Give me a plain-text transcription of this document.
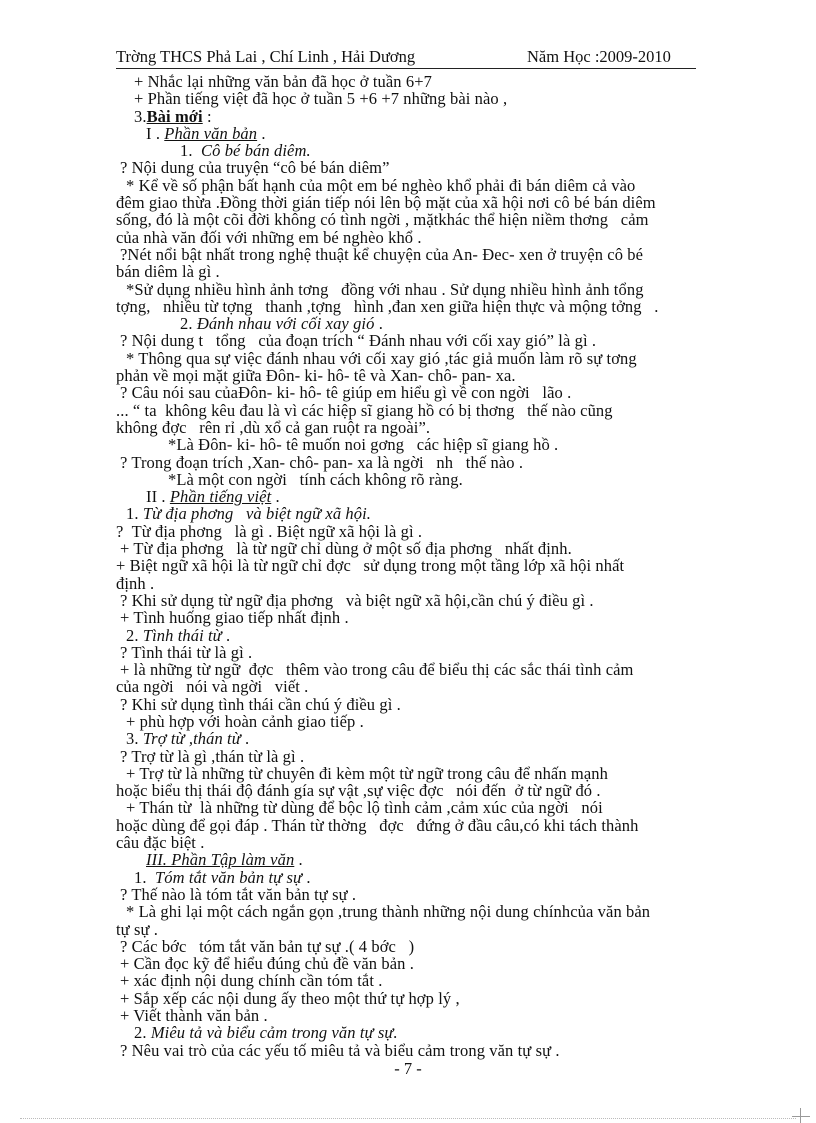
Trờng THCS Phả Lai , Chí Linh , Hải Dương	Năm Học :2009-2010
+ Nhắc lại những văn bản đã học ở tuần 6+7
+ Phần tiếng việt đã học ở tuần 5 +6 +7 những bài nào ,
3.Bài mới :
I . Phần văn bản .
1. Cô bé bán diêm.
? Nội dung của truyện “cô bé bán diêm”
* Kể về số phận bất hạnh của một em bé nghèo khổ phải đi bán diêm cả vào
đêm giao thừa .Đồng thời gián tiếp nói lên bộ mặt của xã hội nơi cô bé bán diêm
sống, đó là một cõi đời không có tình ngời , mặtkhác thể hiện niềm thơng   cảm
của nhà văn đối với những em bé nghèo khổ .
?Nét nổi bật nhất trong nghệ thuật kể chuyện của An- Đec- xen ở truyện cô bé
bán diêm là gì .
*Sử dụng nhiều hình ảnh tơng   đồng với nhau . Sử dụng nhiều hình ảnh tổng
tợng,   nhiều từ tợng   thanh ,tợng   hình ,đan xen giữa hiện thực và mộng tởng   .
2. Đánh nhau với cối xay gió .
? Nội dung t   tổng   của đoạn trích “ Đánh nhau với cối xay gió” là gì .
* Thông qua sự việc đánh nhau với cối xay gió ,tác giả muốn làm rõ sự tơng
phản về mọi mặt giữa Đôn- ki- hô- tê và Xan- chô- pan- xa.
? Câu nói sau củaĐôn- ki- hô- tê giúp em hiểu gì về con ngời   lão .
... “ ta  không kêu đau là vì các hiệp sĩ giang hồ có bị thơng   thế nào cũng
không đợc   rên rỉ ,dù xổ cả gan ruột ra ngoài”.
*Là Đôn- ki- hô- tê muốn noi gơng   các hiệp sĩ giang hồ .
? Trong đoạn trích ,Xan- chô- pan- xa là ngời   nh   thế nào .
*Là một con ngời   tính cách không rõ ràng.
II . Phần tiếng việt .
1. Từ địa phơng   và biệt ngữ xã hội.
?  Từ địa phơng   là gì . Biệt ngữ xã hội là gì .
+ Từ địa phơng   là từ ngữ chỉ dùng ở một số địa phơng   nhất định.
+ Biệt ngữ xã hội là từ ngữ chỉ đợc   sử dụng trong một tầng lớp xã hội nhất
định .
? Khi sử dụng từ ngữ địa phơng   và biệt ngữ xã hội,cần chú ý điều gì .
+ Tình huống giao tiếp nhất định .
2. Tình thái từ .
? Tình thái từ là gì .
+ là những từ ngữ  đợc   thêm vào trong câu để biểu thị các sắc thái tình cảm
của ngời   nói và ngời   viết .
? Khi sử dụng tình thái cần chú ý điều gì .
+ phù hợp với hoàn cảnh giao tiếp .
3. Trợ từ ,thán từ .
? Trợ từ là gì ,thán từ là gì .
+ Trợ từ là những từ chuyên đi kèm một từ ngữ trong câu để nhấn mạnh
hoặc biểu thị thái độ đánh gía sự vật ,sự việc đợc   nói đến  ở từ ngữ đó .
+ Thán từ  là những từ dùng để bộc lộ tình cảm ,cảm xúc của ngời   nói
hoặc dùng để gọi đáp . Thán từ thờng   đợc   đứng ở đầu câu,có khi tách thành
câu đặc biệt .
III. Phần Tập làm văn .
1. Tóm tắt văn bản tự sự .
? Thế nào là tóm tắt văn bản tự sự .
* Là ghi lại một cách ngắn gọn ,trung thành những nội dung chínhcủa văn bản
tự sự .
? Các bớc   tóm tắt văn bản tự sự .( 4 bớc   )
+ Cần đọc kỹ để hiểu đúng chủ đề văn bản .
+ xác định nội dung chính cần tóm tắt .
+ Sắp xếp các nội dung ấy theo một thứ tự hợp lý ,
+ Viết thành văn bản .
2. Miêu tả và biểu cảm trong văn tự sự.
? Nêu vai trò của các yếu tố miêu tả và biểu cảm trong văn tự sự .
- 7 -
